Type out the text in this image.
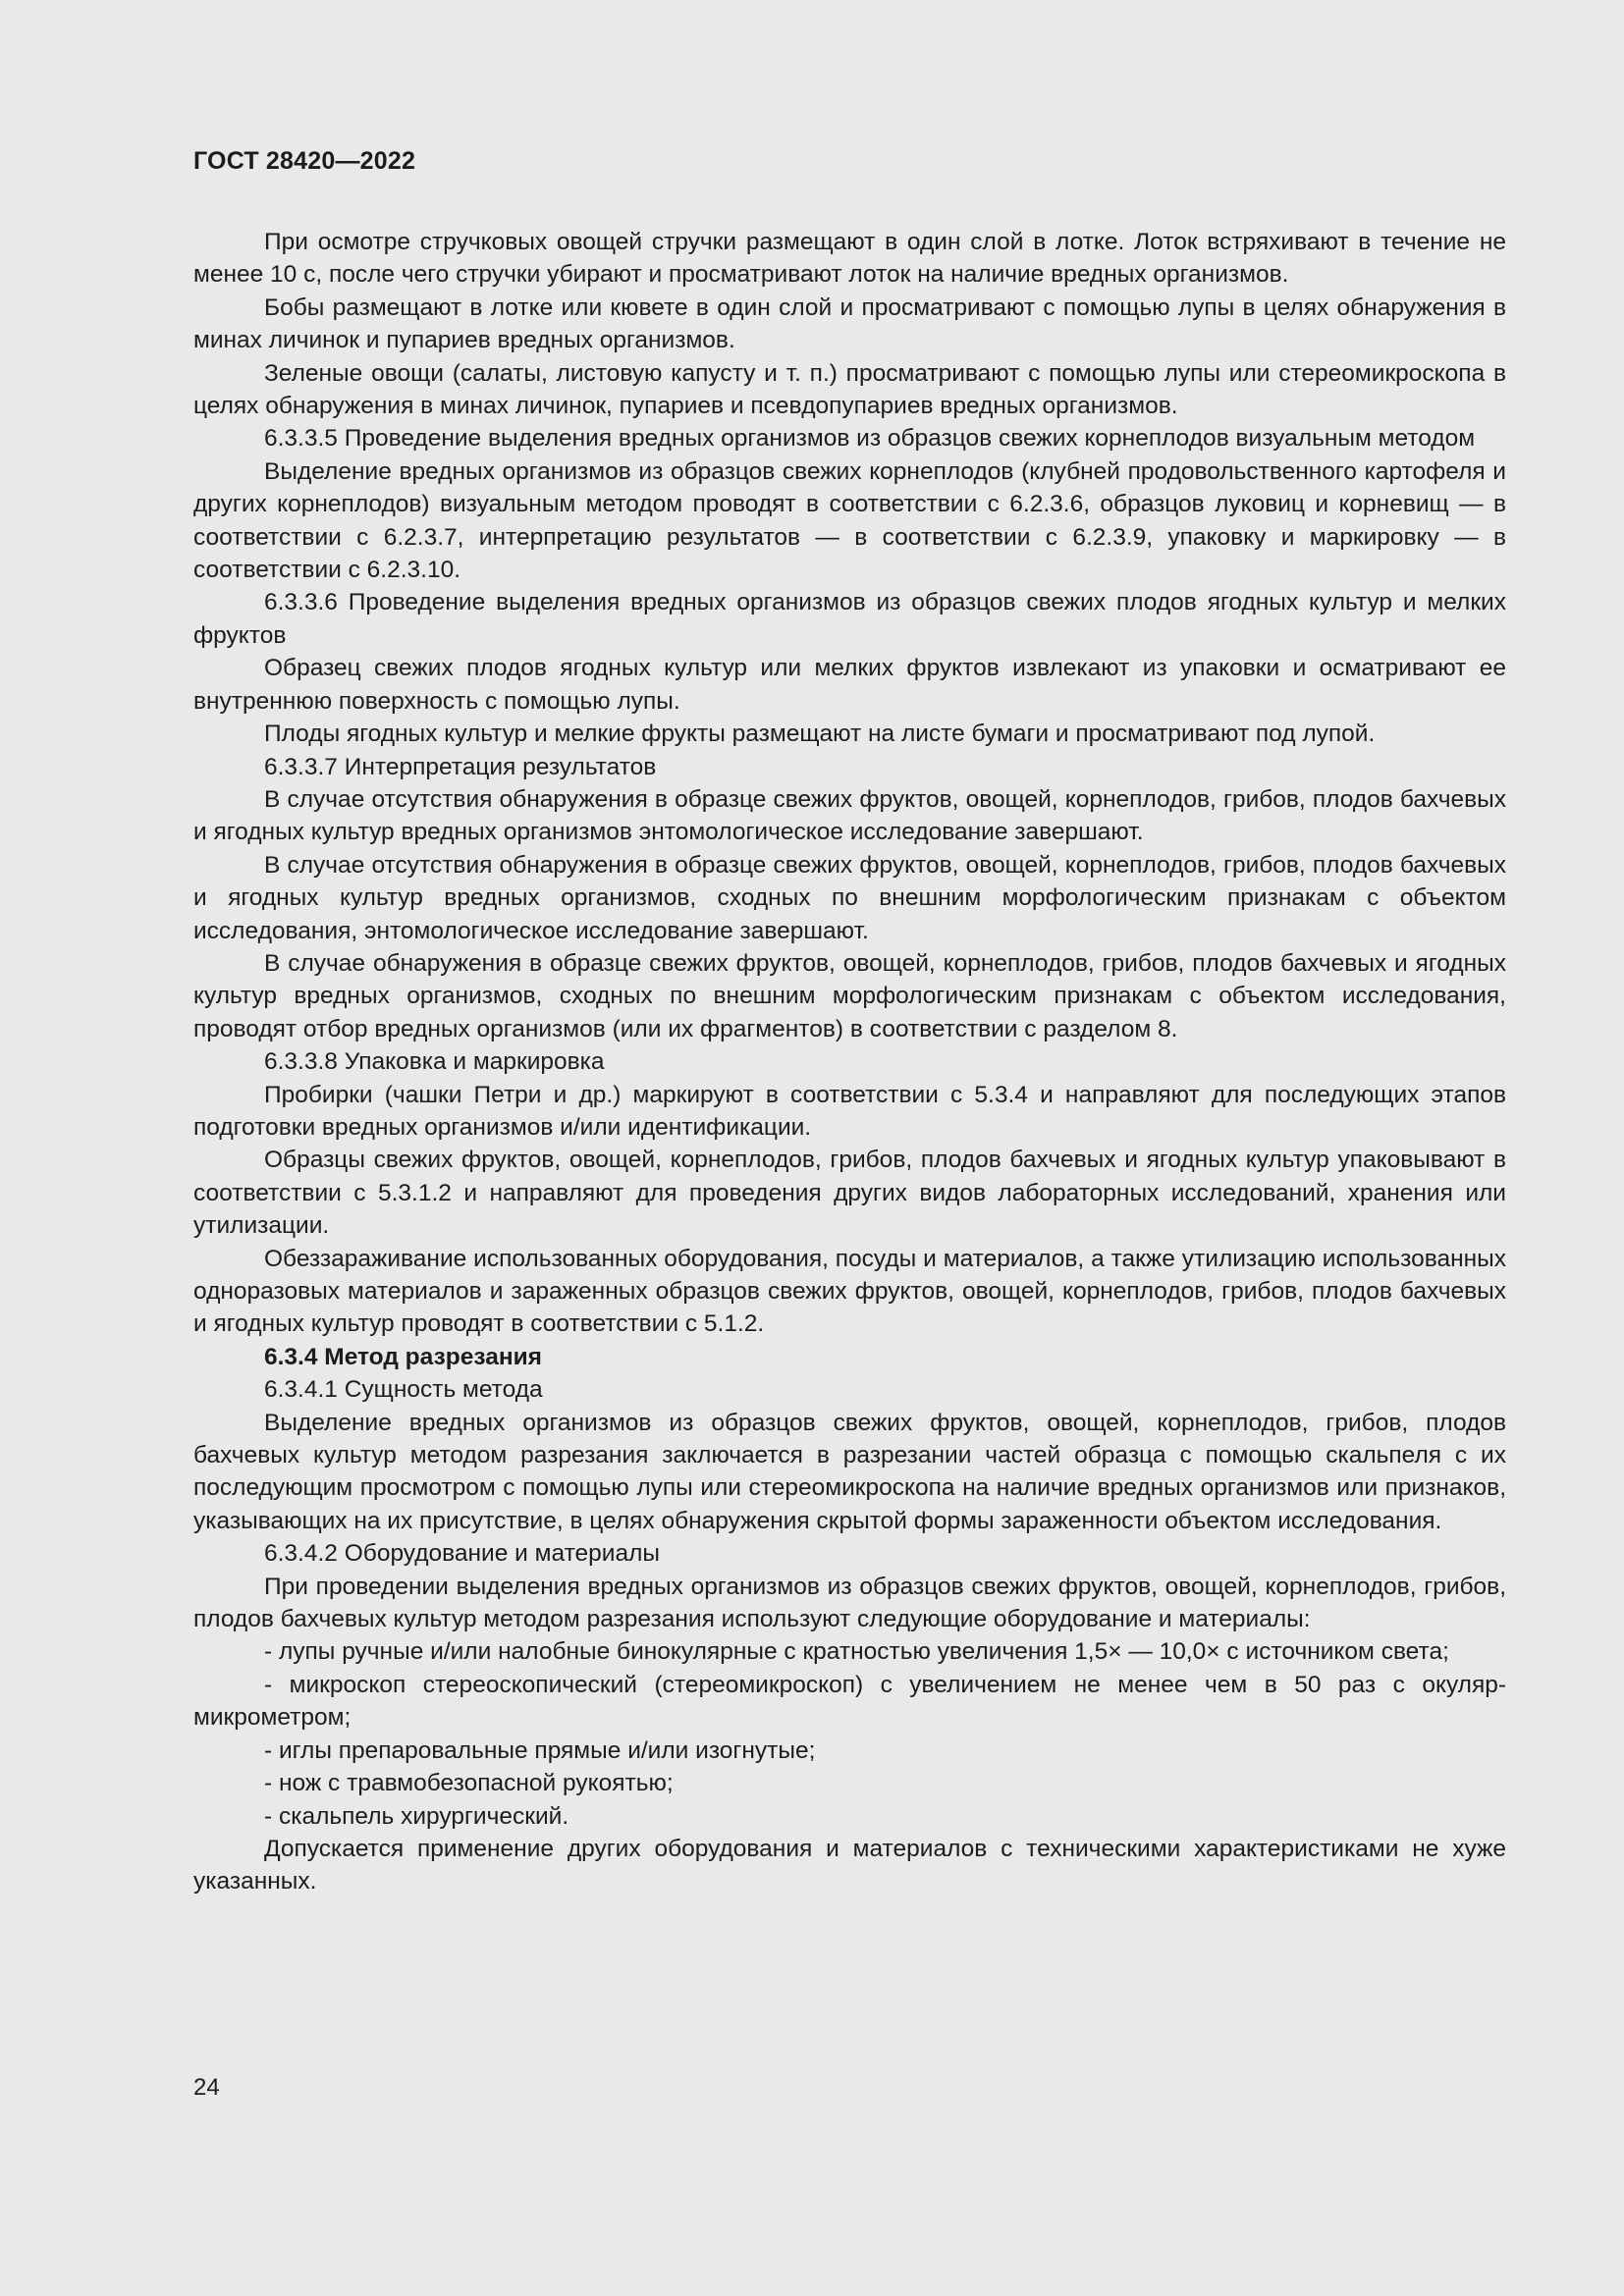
ГОСТ 28420—2022

При осмотре стручковых овощей стручки размещают в один слой в лотке. Лоток встряхивают в течение не менее 10 с, после чего стручки убирают и просматривают лоток на наличие вредных организмов.

Бобы размещают в лотке или кювете в один слой и просматривают с помощью лупы в целях обнаружения в минах личинок и пупариев вредных организмов.

Зеленые овощи (салаты, листовую капусту и т. п.) просматривают с помощью лупы или стереомикроскопа в целях обнаружения в минах личинок, пупариев и псевдопупариев вредных организмов.

6.3.3.5 Проведение выделения вредных организмов из образцов свежих корнеплодов визуальным методом

Выделение вредных организмов из образцов свежих корнеплодов (клубней продовольственного картофеля и других корнеплодов) визуальным методом проводят в соответствии с 6.2.3.6, образцов луковиц и корневищ — в соответствии с 6.2.3.7, интерпретацию результатов — в соответствии с 6.2.3.9, упаковку и маркировку — в соответствии с 6.2.3.10.

6.3.3.6 Проведение выделения вредных организмов из образцов свежих плодов ягодных культур и мелких фруктов

Образец свежих плодов ягодных культур или мелких фруктов извлекают из упаковки и осматривают ее внутреннюю поверхность с помощью лупы.

Плоды ягодных культур и мелкие фрукты размещают на листе бумаги и просматривают под лупой.

6.3.3.7 Интерпретация результатов

В случае отсутствия обнаружения в образце свежих фруктов, овощей, корнеплодов, грибов, плодов бахчевых и ягодных культур вредных организмов энтомологическое исследование завершают.

В случае отсутствия обнаружения в образце свежих фруктов, овощей, корнеплодов, грибов, плодов бахчевых и ягодных культур вредных организмов, сходных по внешним морфологическим признакам с объектом исследования, энтомологическое исследование завершают.

В случае обнаружения в образце свежих фруктов, овощей, корнеплодов, грибов, плодов бахчевых и ягодных культур вредных организмов, сходных по внешним морфологическим признакам с объектом исследования, проводят отбор вредных организмов (или их фрагментов) в соответствии с разделом 8.

6.3.3.8 Упаковка и маркировка

Пробирки (чашки Петри и др.) маркируют в соответствии с 5.3.4 и направляют для последующих этапов подготовки вредных организмов и/или идентификации.

Образцы свежих фруктов, овощей, корнеплодов, грибов, плодов бахчевых и ягодных культур упаковывают в соответствии с 5.3.1.2 и направляют для проведения других видов лабораторных исследований, хранения или утилизации.

Обеззараживание использованных оборудования, посуды и материалов, а также утилизацию использованных одноразовых материалов и зараженных образцов свежих фруктов, овощей, корнеплодов, грибов, плодов бахчевых и ягодных культур проводят в соответствии с 5.1.2.

6.3.4 Метод разрезания

6.3.4.1 Сущность метода

Выделение вредных организмов из образцов свежих фруктов, овощей, корнеплодов, грибов, плодов бахчевых культур методом разрезания заключается в разрезании частей образца с помощью скальпеля с их последующим просмотром с помощью лупы или стереомикроскопа на наличие вредных организмов или признаков, указывающих на их присутствие, в целях обнаружения скрытой формы зараженности объектом исследования.

6.3.4.2 Оборудование и материалы

При проведении выделения вредных организмов из образцов свежих фруктов, овощей, корнеплодов, грибов, плодов бахчевых культур методом разрезания используют следующие оборудование и материалы:

- лупы ручные и/или налобные бинокулярные с кратностью увеличения 1,5× — 10,0× с источником света;

- микроскоп стереоскопический (стереомикроскоп) с увеличением не менее чем в 50 раз с окуляр-микрометром;

- иглы препаровальные прямые и/или изогнутые;

- нож с травмобезопасной рукоятью;

- скальпель хирургический.

Допускается применение других оборудования и материалов с техническими характеристиками не хуже указанных.

24
